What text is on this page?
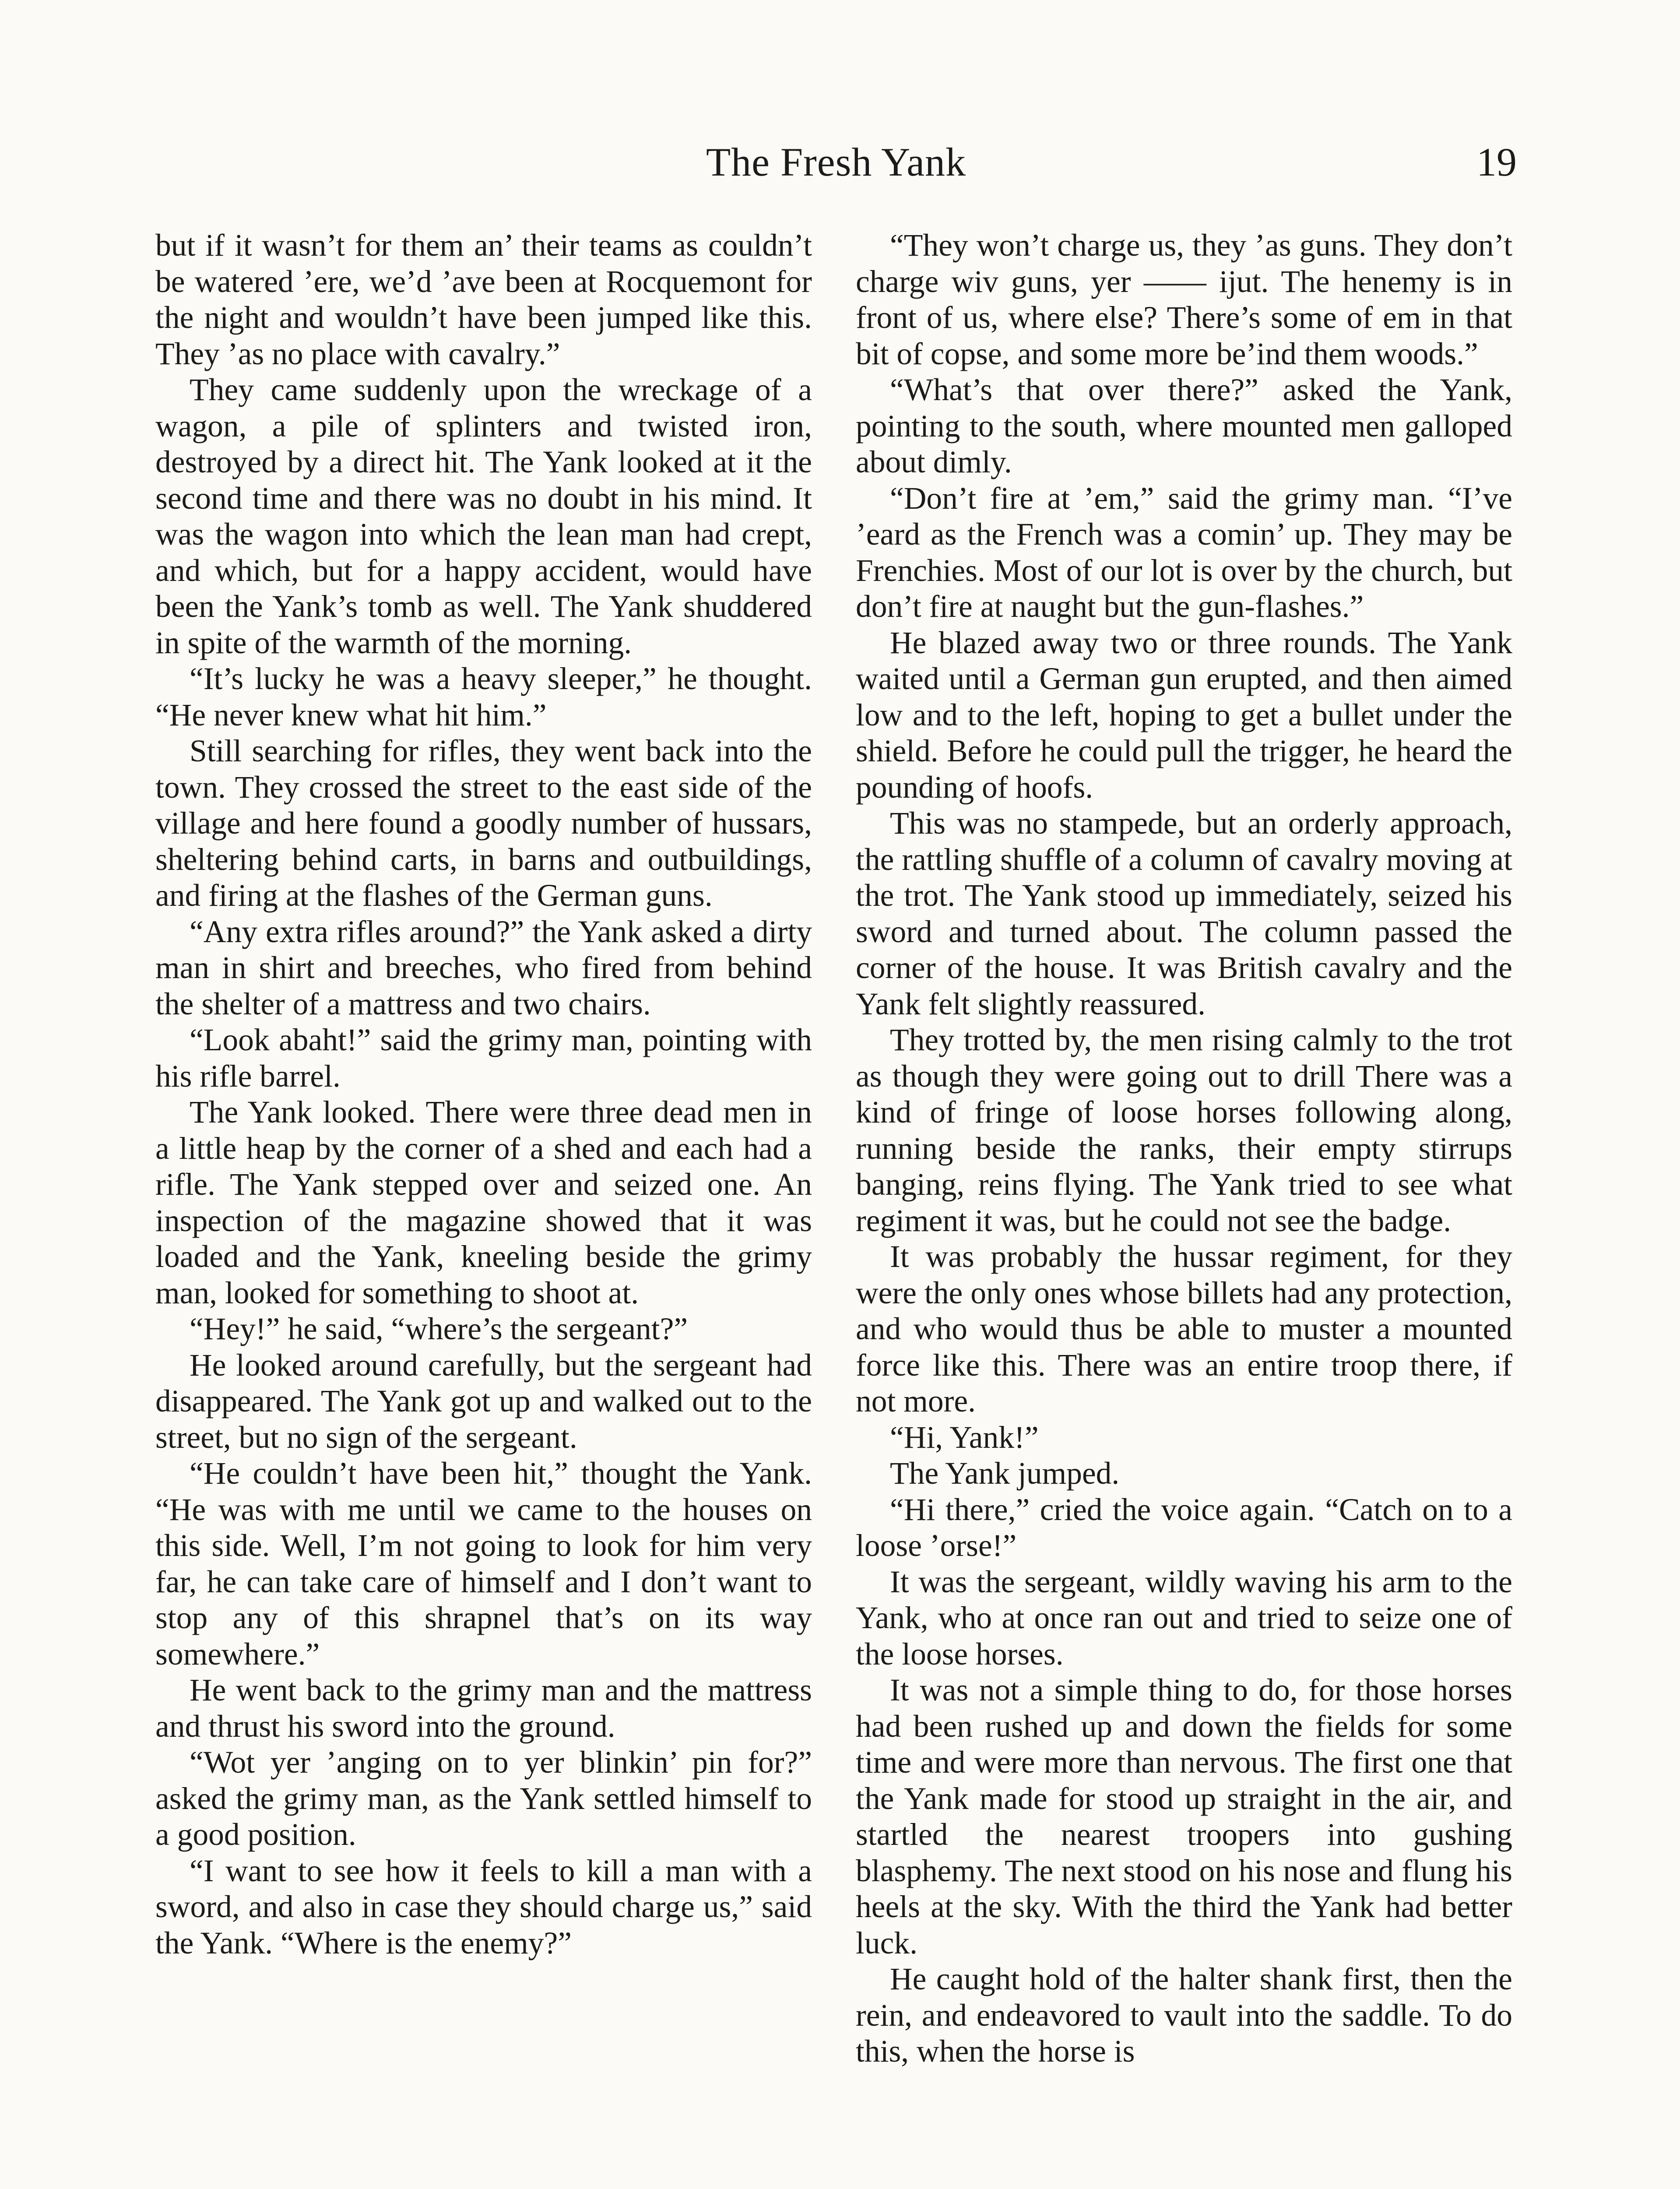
The Fresh Yank	19

but if it wasn’t for them an’ their teams as couldn’t be watered ’ere, we’d ’ave been at Rocquemont for the night and wouldn’t have been jumped like this. They ’as no place with cavalry.”

They came suddenly upon the wreckage of a wagon, a pile of splinters and twisted iron, destroyed by a direct hit. The Yank looked at it the second time and there was no doubt in his mind. It was the wagon into which the lean man had crept, and which, but for a happy accident, would have been the Yank’s tomb as well. The Yank shuddered in spite of the warmth of the morning.

“It’s lucky he was a heavy sleeper,” he thought. “He never knew what hit him.”

Still searching for rifles, they went back into the town. They crossed the street to the east side of the village and here found a goodly number of hussars, sheltering behind carts, in barns and outbuildings, and firing at the flashes of the German guns.

“Any extra rifles around?” the Yank asked a dirty man in shirt and breeches, who fired from behind the shelter of a mattress and two chairs.

“Look abaht!” said the grimy man, pointing with his rifle barrel.

The Yank looked. There were three dead men in a little heap by the corner of a shed and each had a rifle. The Yank stepped over and seized one. An inspection of the magazine showed that it was loaded and the Yank, kneeling beside the grimy man, looked for something to shoot at.

“Hey!” he said, “where’s the sergeant?”

He looked around carefully, but the sergeant had disappeared. The Yank got up and walked out to the street, but no sign of the sergeant.

“He couldn’t have been hit,” thought the Yank. “He was with me until we came to the houses on this side. Well, I’m not going to look for him very far, he can take care of himself and I don’t want to stop any of this shrapnel that’s on its way somewhere.”

He went back to the grimy man and the mattress and thrust his sword into the ground.

“Wot yer ’anging on to yer blinkin’ pin for?” asked the grimy man, as the Yank settled himself to a good position.

“I want to see how it feels to kill a man with a sword, and also in case they should charge us,” said the Yank. “Where is the enemy?”

“They won’t charge us, they ’as guns. They don’t charge wiv guns, yer —— ijut. The henemy is in front of us, where else? There’s some of em in that bit of copse, and some more be’ind them woods.”

“What’s that over there?” asked the Yank, pointing to the south, where mounted men galloped about dimly.

“Don’t fire at ’em,” said the grimy man. “I’ve ’eard as the French was a comin’ up. They may be Frenchies. Most of our lot is over by the church, but don’t fire at naught but the gun-flashes.”

He blazed away two or three rounds. The Yank waited until a German gun erupted, and then aimed low and to the left, hoping to get a bullet under the shield. Before he could pull the trigger, he heard the pounding of hoofs.

This was no stampede, but an orderly approach, the rattling shuffle of a column of cavalry moving at the trot. The Yank stood up immediately, seized his sword and turned about. The column passed the corner of the house. It was British cavalry and the Yank felt slightly reassured.

They trotted by, the men rising calmly to the trot as though they were going out to drill There was a kind of fringe of loose horses following along, running beside the ranks, their empty stirrups banging, reins flying. The Yank tried to see what regiment it was, but he could not see the badge.

It was probably the hussar regiment, for they were the only ones whose billets had any protection, and who would thus be able to muster a mounted force like this. There was an entire troop there, if not more.

“Hi, Yank!”

The Yank jumped.

“Hi there,” cried the voice again. “Catch on to a loose ’orse!”

It was the sergeant, wildly waving his arm to the Yank, who at once ran out and tried to seize one of the loose horses.

It was not a simple thing to do, for those horses had been rushed up and down the fields for some time and were more than nervous. The first one that the Yank made for stood up straight in the air, and startled the nearest troopers into gushing blasphemy. The next stood on his nose and flung his heels at the sky. With the third the Yank had better luck.

He caught hold of the halter shank first, then the rein, and endeavored to vault into the saddle. To do this, when the horse is
